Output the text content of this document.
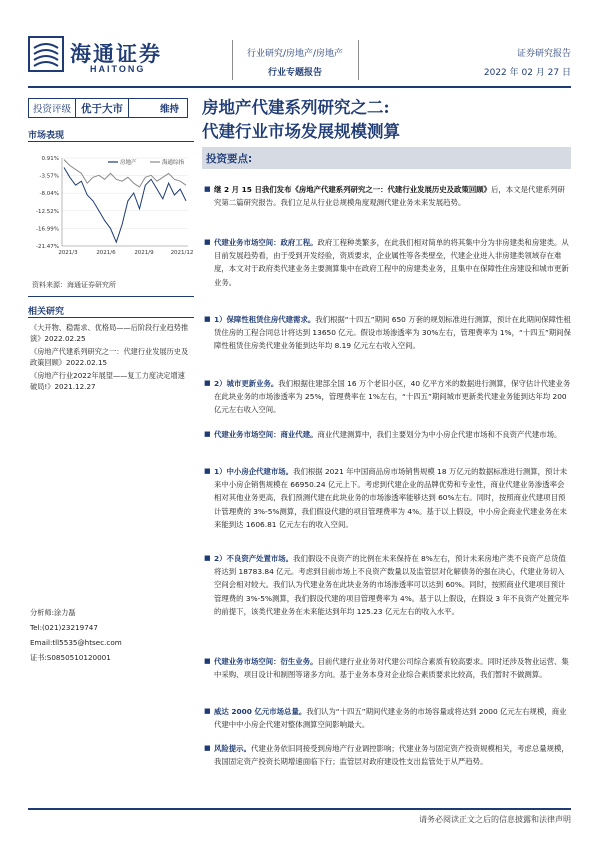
海通证券
HAITONG
行业研究/房地产/房地产
行业专题报告
证券研究报告
2022 年 02 月 27 日
投资评级 优于大市	维持
市场表现
0.91%
-3.57%
-8.04%
-12.52%
-16.99%
-21.47%
2021/3	2021/6	2021/9	2021/12
房地产	海通综指
资料来源：海通证券研究所
相关研究

《大开物、稳需求、优格局——后阶段行业趋势推演》2022.02.25

《房地产代建系列研究之一：代建行业发展历史及政策回顾》2022.02.15

《房地产行业2022年展望——复工力度决定增速破局!》2021.12.27

分析师:涂力磊
Tel:(021)23219747
Email:tll5535@htsec.com
证书:S0850510120001
房地产代建系列研究之二:
代建行业市场发展规模测算
投资要点:
■ 继 2 月 15 日我们发布《房地产代建系列研究之一：代建行业发展历史及政策回顾》后，本文是代建系列研究第二篇研究报告。我们立足从行业总规模角度观测代建业务未来发展趋势。
■ 代建业务市场空间：政府工程。政府工程种类繁多，在此我们相对简单的将其集中分为非房建类和房建类。从目前发展趋势看，由于受到开发经验，资质要求，企业属性等各类壁垒，代建企业进入非房建类领域存在难度，本文对于政府类代建业务主要测算集中在政府工程中的房建类业务，且集中在保障性住房建设和城市更新业务。
■ 1）保障性租赁住房代建需求。我们根据“十四五”期间 650 万套的规划标准进行测算，预计在此期间保障性租赁住房的工程合同总计将达到 13650 亿元。假设市场渗透率为 30%左右，管理费率为 1%，“十四五”期间保障性租赁住房类代建业务能到达年均 8.19 亿元左右收入空间。
■ 2）城市更新业务。我们根据住建部全国 16 万个老旧小区，40 亿平方米的数据进行测算，保守估计代建业务在此块业务的市场渗透率为 25%，管理费率在 1%左右，“十四五”期间城市更新类代建业务能到达年均 200 亿元左右收入空间。
■ 代建业务市场空间：商业代建。商业代建测算中，我们主要划分为中小房企代建市场和不良资产代建市场。
■ 1）中小房企代建市场。我们根据 2021 年中国商品房市场销售规模 18 万亿元的数据标准进行测算，预计未来中小房企销售规模在 66950.24 亿元上下。考虑到代建企业的品牌优势和专业性，商业代建业务渗透率会相对其他业务更高，我们预测代建在此块业务的市场渗透率能够达到 60%左右。同时，按照商业代建项目预计管理费的 3%-5%测算，我们假设代建的项目管理费率为 4%。基于以上假设，中小房企商业代建业务在未来能到达 1606.81 亿元左右的收入空间。
■ 2）不良资产处置市场。我们假设不良资产的比例在未来保持在 8%左右，预计未来房地产类不良资产总货值将达到 18783.84 亿元。考虑到目前市场上不良资产数量以及监管层对化解债务的强在决心，代建业务切入空间会相对较大。我们认为代建业务在此块业务的市场渗透率可以达到 60%。同时，按照商业代建项目预计管理费的 3%-5%测算，我们假设代建的项目管理费率为 4%。基于以上假设，在假设 3 年不良资产处置完毕的前提下，该类代建业务在未来能达到年均 125.23 亿元左右的收入水平。
■ 代建业务市场空间：衍生业务。目前代建行业业务对代建公司综合素质有较高要求。同时还涉及物业运营、集中采购、项目设计和制图等诸多方向。基于业务本身对企业综合素质要求比较高，我们暂时不做测算。
■ 威达 2000 亿元市场总量。我们认为“十四五”期间代建业务的市场容量或将达到 2000 亿元左右规模，商业代建中中小房企代建对整体测算空间影响最大。
■ 风险提示。代建业务依旧同接受到房地产行业调控影响；代建业务与固定资产投资规模相关，考虑总量规模，我国固定资产投资长期增速面临下行；监管层对政府建设性支出监管处于从严趋势。
请务必阅读正文之后的信息披露和法律声明
